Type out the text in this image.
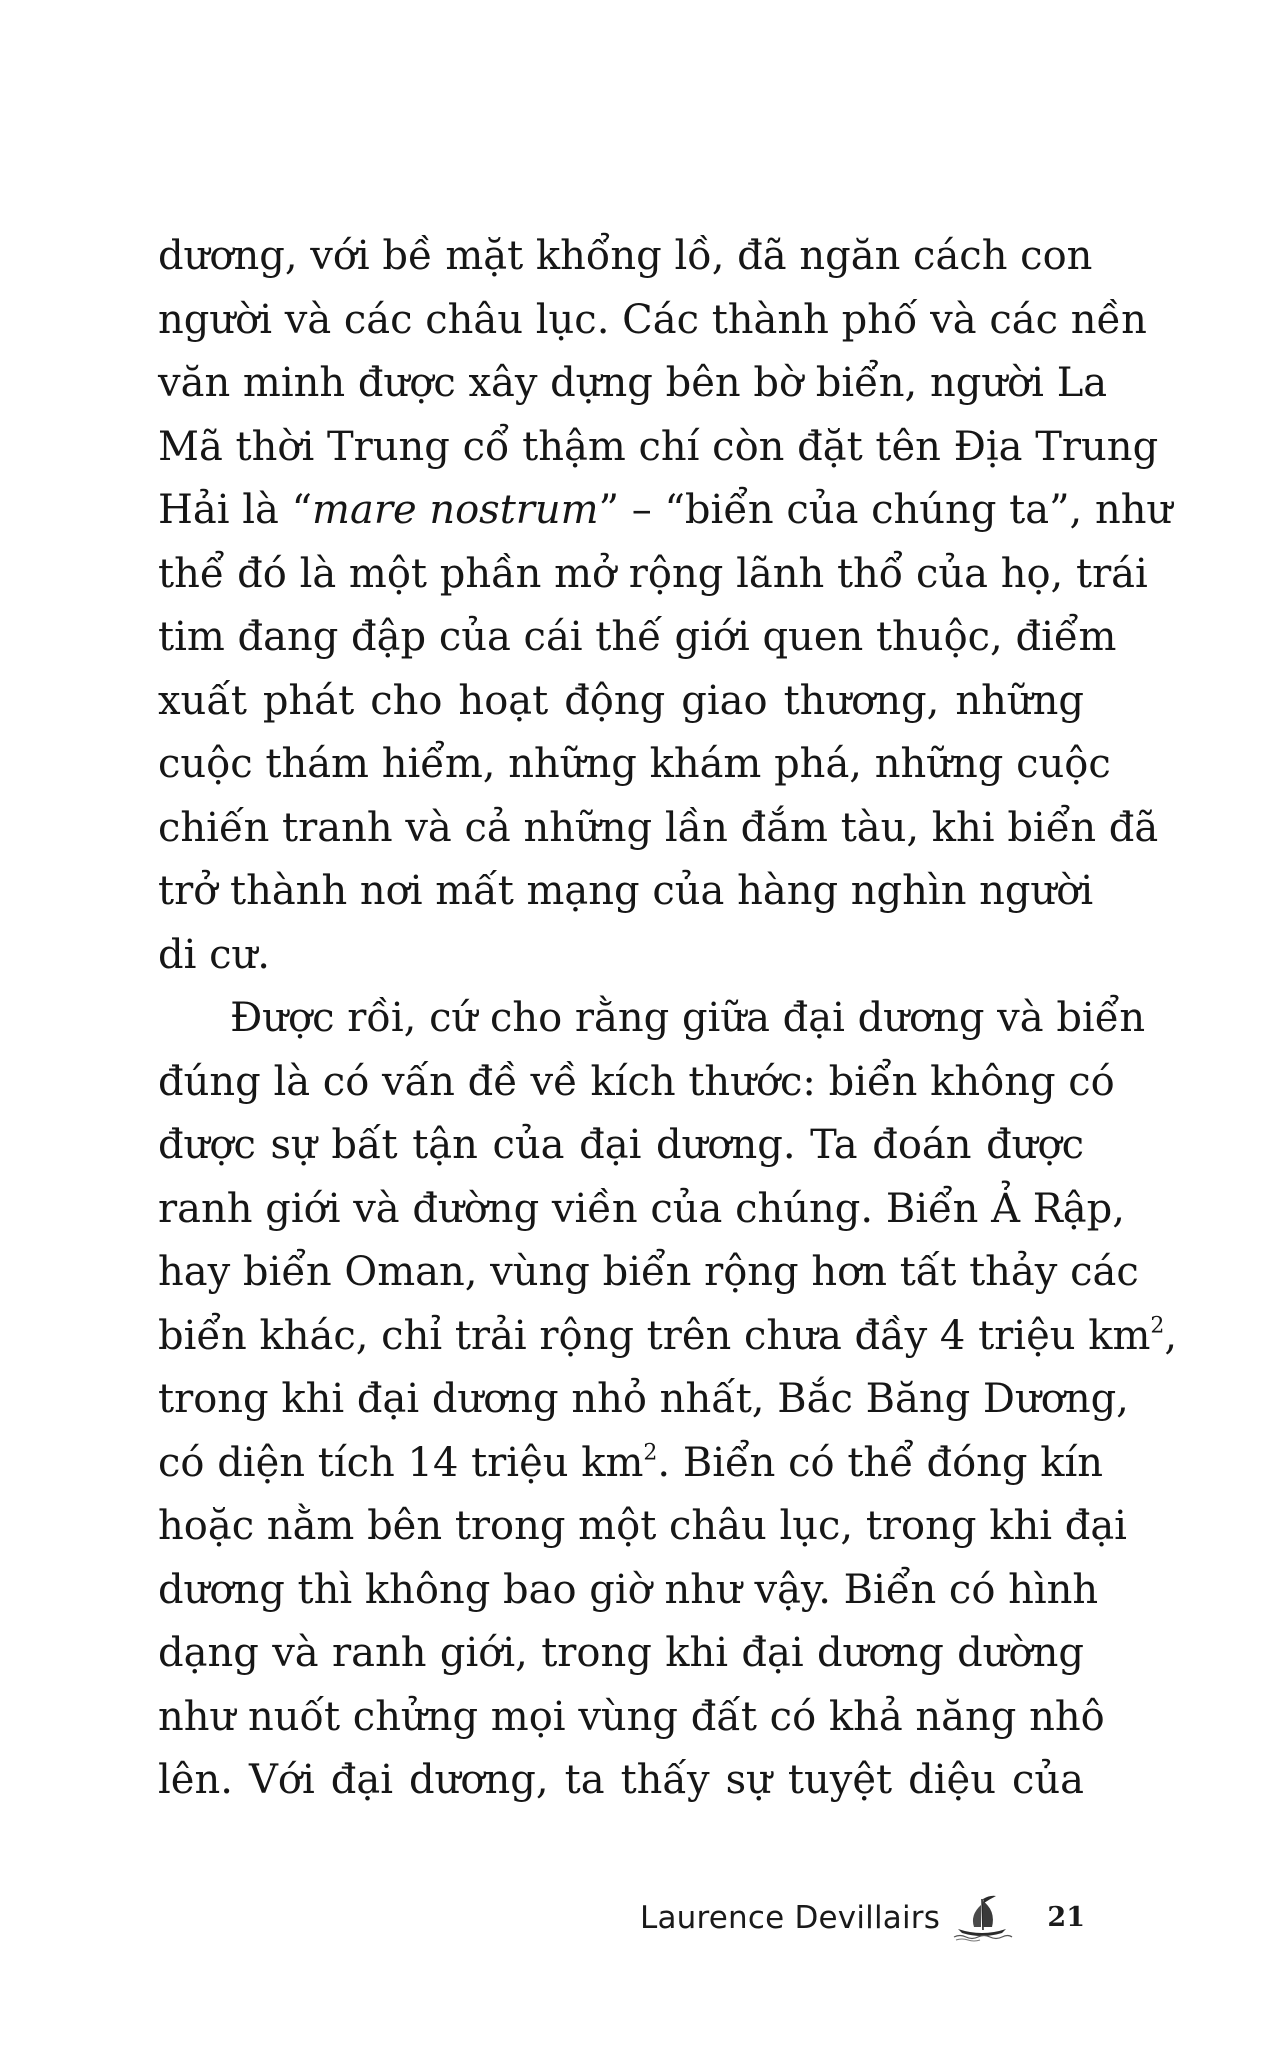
dương, với bề mặt khổng lồ, đã ngăn cách con
người và các châu lục. Các thành phố và các nền
văn minh được xây dựng bên bờ biển, người La
Mã thời Trung cổ thậm chí còn đặt tên Địa Trung
Hải là “mare nostrum” – “biển của chúng ta”, như
thể đó là một phần mở rộng lãnh thổ của họ, trái
tim đang đập của cái thế giới quen thuộc, điểm
xuất phát cho hoạt động giao thương, những
cuộc thám hiểm, những khám phá, những cuộc
chiến tranh và cả những lần đắm tàu, khi biển đã
trở thành nơi mất mạng của hàng nghìn người
di cư.
Được rồi, cứ cho rằng giữa đại dương và biển
đúng là có vấn đề về kích thước: biển không có
được sự bất tận của đại dương. Ta đoán được
ranh giới và đường viền của chúng. Biển Ả Rập,
hay biển Oman, vùng biển rộng hơn tất thảy các
biển khác, chỉ trải rộng trên chưa đầy 4 triệu $km^2$,
trong khi đại dương nhỏ nhất, Bắc Băng Dương,
có diện tích 14 triệu $km^2$. Biển có thể đóng kín
hoặc nằm bên trong một châu lục, trong khi đại
dương thì không bao giờ như vậy. Biển có hình
dạng và ranh giới, trong khi đại dương dường
như nuốt chửng mọi vùng đất có khả năng nhô
lên. Với đại dương, ta thấy sự tuyệt diệu của
Laurence Devillairs	21
